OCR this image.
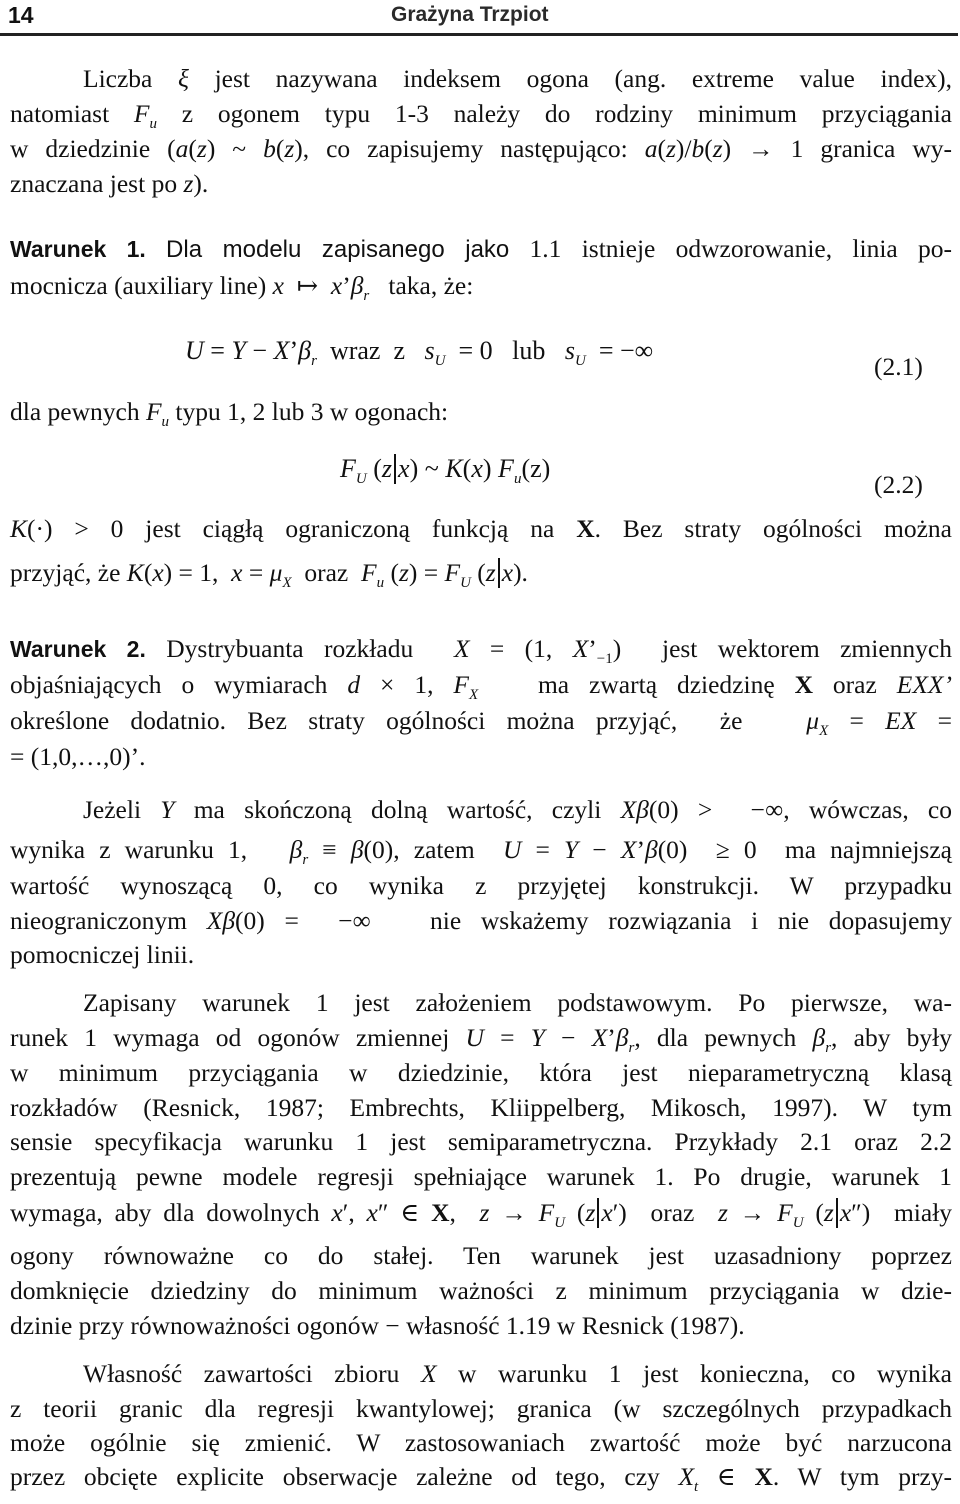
14	Grażyna Trzpiot

Liczba ξ jest nazywana indeksem ogona (ang. extreme value index),

natomiast $F_u$ z ogonem typu 1-3 należy do rodziny minimum przyciągania

w dziedzinie (a(z) ~ b(z), co zapisujemy następująco: a(z)/b(z) → 1 granica wy-

znaczana jest po z).

Warunek 1. Dla modelu zapisanego jako 1.1 istnieje odwzorowanie, linia po-

mocnicza (auxiliary line) x  ↦  $x’\beta_r$   taka, że:

$U = Y - X’\beta_r$  wraz  z   $s_U = 0$   lub   $s_U$  = −∞

(2.1)

dla pewnych $F_u$ typu 1, 2 lub 3 w ogonach:

$F_U$ (z x) ~ K(x) $F_u(z)$

(2.2)

K(·) > 0 jest ciągłą ograniczoną funkcją na X. Bez straty ogólności można

przyjąć, że K(x) = 1,  $x = \mu_X$  oraz  $F_u$ $(z) = F_U$ (z x).

Warunek 2. Dystrybuanta rozkładu  X = (1, $X’_{-1}$)  jest wektorem zmiennych

objaśniających o wymiarach d × 1, $F_X$   ma zwartą dziedzinę X oraz EXX’

określone dodatnio. Bez straty ogólności można przyjąć,  że   $\mu_X$ = EX =

= (1,0,…,0)’.

Jeżeli Y ma skończoną dolną wartość, czyli Xβ(0) >  −∞, wówczas, co

wynika z warunku 1,   $\beta_r \equiv \beta(0)$, zatem  U = Y − X’β(0)  ≥ 0  ma najmniejszą

wartość wynoszącą 0, co wynika z przyjętej konstrukcji. W przypadku

nieograniczonym Xβ(0) =  −∞   nie wskażemy rozwiązania i nie dopasujemy

pomocniczej linii.

Zapisany warunek 1 jest założeniem podstawowym. Po pierwsze, wa-

runek 1 wymaga od ogonów zmiennej $U = Y - X’\beta_r$, dla pewnych $\beta_r$, aby były

w minimum przyciągania w dziedzinie, która jest nieparametryczną klasą

rozkładów (Resnick, 1987; Embrechts, Kliippelberg, Mikosch, 1997). W tym

sensie specyfikacja warunku 1 jest semiparametryczna. Przykłady 2.1 oraz 2.2

prezentują pewne modele regresji spełniające warunek 1. Po drugie, warunek 1

wymaga, aby dla dowolnych x′, x″ ∈ X,  $z \to F_U$ (z x′)  oraz  $z \to F_U$ (z x″)  miały

ogony równoważne co do stałej. Ten warunek jest uzasadniony poprzez

domknięcie dziedziny do minimum ważności z minimum przyciągania w dzie-

dzinie przy równoważności ogonów − własność 1.19 w Resnick (1987).

Własność zawartości zbioru X w warunku 1 jest konieczna, co wynika

z teorii granic dla regresji kwantylowej; granica (w szczególnych przypadkach

może ogólnie się zmienić. W zastosowaniach zwartość może być narzucona

przez obcięte explicite obserwacje zależne od tego, czy $X_t$ ∈ X. W tym przy-
